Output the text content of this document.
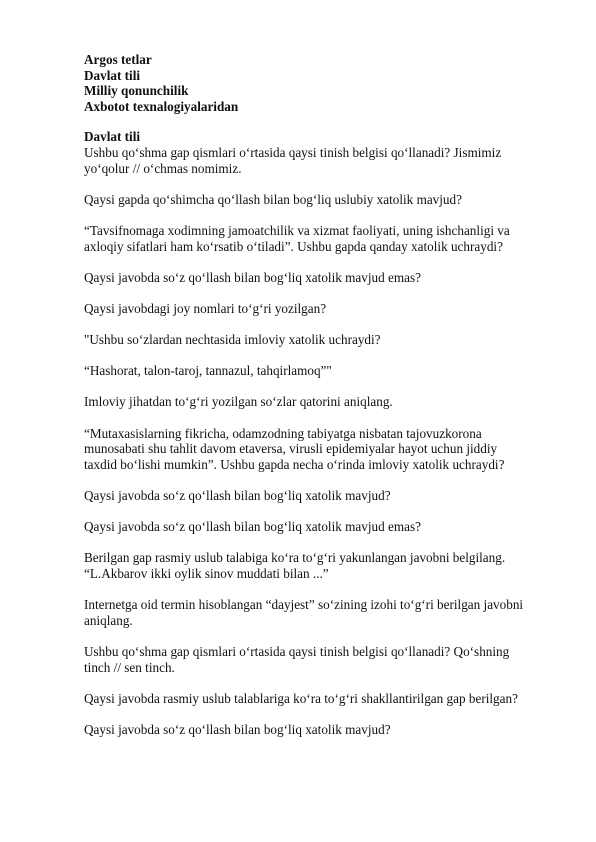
Argos tetlar
Davlat tili
Milliy qonunchilik
Axbotot texnalogiyalaridan
Davlat tili

Ushbu qo‘shma gap qismlari o‘rtasida qaysi tinish belgisi qo‘llanadi? Jismimiz
yo‘qolur // o‘chmas nomimiz.

Qaysi gapda qo‘shimcha qo‘llash bilan bog‘liq uslubiy xatolik mavjud?

“Tavsifnomaga xodimning jamoatchilik va xizmat faoliyati, uning ishchanligi va
axloqiy sifatlari ham ko‘rsatib o‘tiladi”. Ushbu gapda qanday xatolik uchraydi?

Qaysi javobda so‘z qo‘llash bilan bog‘liq xatolik mavjud emas?

Qaysi javobdagi joy nomlari to‘g‘ri yozilgan?

"Ushbu so‘zlardan nechtasida imloviy xatolik uchraydi?

“Hashorat, talon-taroj, tannazul, tahqirlamoq”"

Imloviy jihatdan to‘g‘ri yozilgan so‘zlar qatorini aniqlang.

“Mutaxasislarning fikricha, odamzodning tabiyatga nisbatan tajovuzkorona
munosabati shu tahlit davom etaversa, virusli epidemiyalar hayot uchun jiddiy
taxdid bo‘lishi mumkin”. Ushbu gapda necha o‘rinda imloviy xatolik uchraydi?

Qaysi javobda so‘z qo‘llash bilan bog‘liq xatolik mavjud?

Qaysi javobda so‘z qo‘llash bilan bog‘liq xatolik mavjud emas?

Berilgan gap rasmiy uslub talabiga ko‘ra to‘g‘ri yakunlangan javobni belgilang.
“L.Akbarov ikki oylik sinov muddati bilan ...”

Internetga oid termin hisoblangan “dayjest” so‘zining izohi to‘g‘ri berilgan javobni
aniqlang.

Ushbu qo‘shma gap qismlari o‘rtasida qaysi tinish belgisi qo‘llanadi? Qo‘shning
tinch // sen tinch.

Qaysi javobda rasmiy uslub talablariga ko‘ra to‘g‘ri shakllantirilgan gap berilgan?

Qaysi javobda so‘z qo‘llash bilan bog‘liq xatolik mavjud?
